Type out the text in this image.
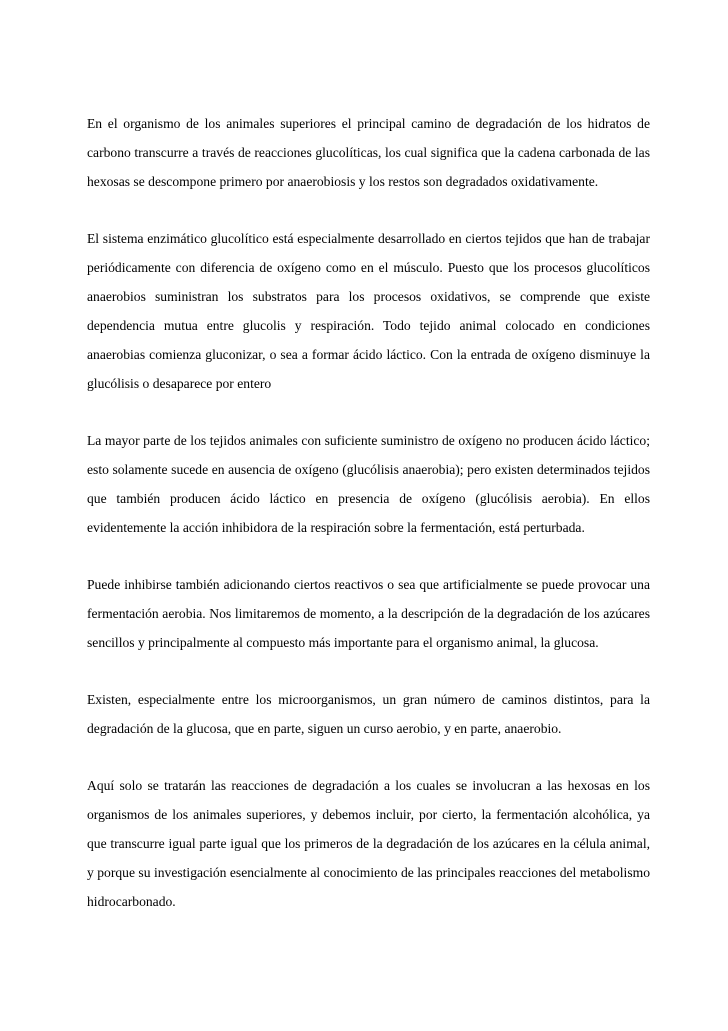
En el organismo de los animales superiores el principal camino de degradación de los hidratos de carbono transcurre a través de reacciones glucolíticas, los cual significa que la cadena carbonada de las hexosas se descompone primero por anaerobiosis y los restos son degradados oxidativamente.

El sistema enzimático glucolítico está especialmente desarrollado en ciertos tejidos que han de trabajar periódicamente con diferencia de oxígeno como en el músculo. Puesto que los procesos glucolíticos anaerobios suministran los substratos para los procesos oxidativos, se comprende que existe dependencia mutua entre glucolis y respiración. Todo tejido animal colocado en condiciones anaerobias comienza gluconizar, o sea a formar ácido láctico. Con la entrada de oxígeno disminuye la glucólisis o desaparece por entero

La mayor parte de los tejidos animales con suficiente suministro de oxígeno no producen ácido láctico; esto solamente sucede en ausencia de oxígeno (glucólisis anaerobia); pero existen determinados tejidos que también producen ácido láctico en presencia de oxígeno (glucólisis aerobia). En ellos evidentemente la acción inhibidora de la respiración sobre la fermentación, está perturbada.

Puede inhibirse también adicionando ciertos reactivos o sea que artificialmente se puede provocar una fermentación aerobia. Nos limitaremos de momento, a la descripción de la degradación de los azúcares sencillos y principalmente al compuesto más importante para el organismo animal, la glucosa.

Existen, especialmente entre los microorganismos, un gran número de caminos distintos, para la degradación de la glucosa, que en parte, siguen un curso aerobio, y en parte, anaerobio.

Aquí solo se tratarán las reacciones de degradación a los cuales se involucran a las hexosas en los organismos de los animales superiores, y debemos incluir, por cierto, la fermentación alcohólica, ya que transcurre igual parte igual que los primeros de la degradación de los azúcares en la célula animal, y porque su investigación esencialmente al conocimiento de las principales reacciones del metabolismo hidrocarbonado.
